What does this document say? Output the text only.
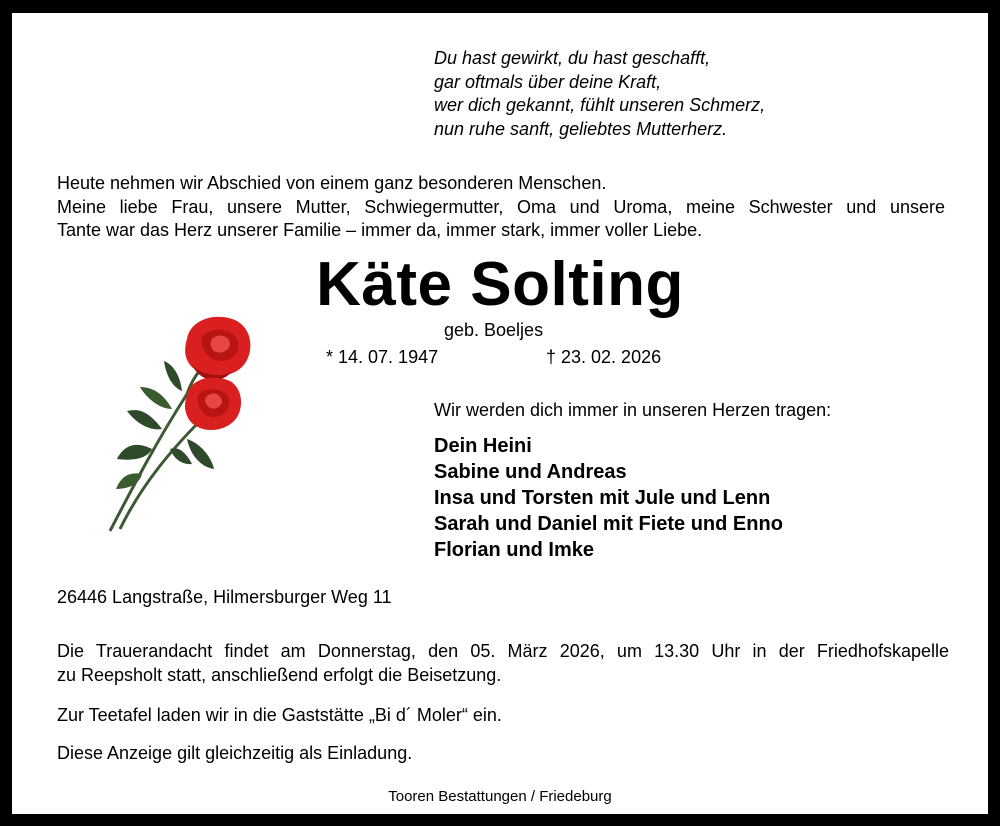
Du hast gewirkt, du hast geschafft,
gar oftmals über deine Kraft,
wer dich gekannt, fühlt unseren Schmerz,
nun ruhe sanft, geliebtes Mutterherz.
Heute nehmen wir Abschied von einem ganz besonderen Menschen.
Meine liebe Frau, unsere Mutter, Schwiegermutter, Oma und Uroma, meine Schwester und unsere
Tante war das Herz unserer Familie – immer da, immer stark, immer voller Liebe.
Käte Solting
geb. Boeljes
* 14. 07. 1947	† 23. 02. 2026
Wir werden dich immer in unseren Herzen tragen:
Dein Heini
Sabine und Andreas
Insa und Torsten mit Jule und Lenn
Sarah und Daniel mit Fiete und Enno
Florian und Imke
26446 Langstraße, Hilmersburger Weg 11
Die Trauerandacht findet am Donnerstag, den 05. März 2026, um 13.30 Uhr in der Friedhofskapelle
zu Reepsholt statt, anschließend erfolgt die Beisetzung.
Zur Teetafel laden wir in die Gaststätte „Bi d´ Moler“ ein.
Diese Anzeige gilt gleichzeitig als Einladung.
Tooren Bestattungen / Friedeburg
